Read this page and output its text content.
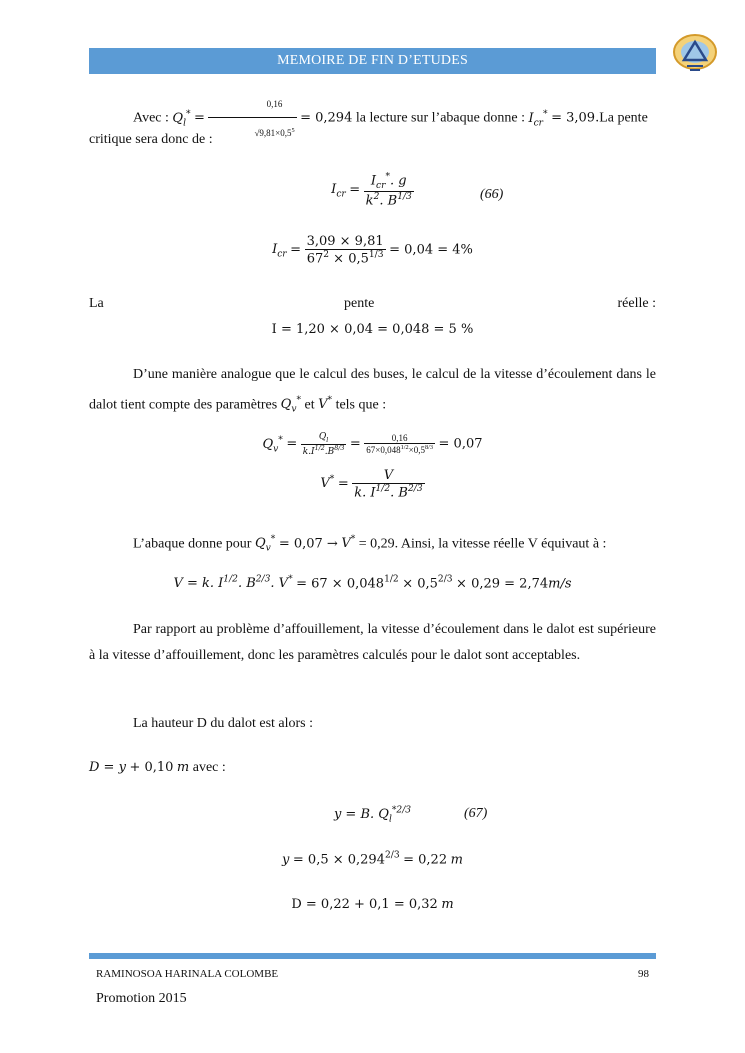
MEMOIRE DE FIN D’ETUDES
Avec : $Q_l^* = \frac{0,16}{√9,81\times 0,5^5} = 0,294$ la lecture sur l’abaque donne : $I_{cr}^* = 3,09.La$ pente
critique sera donc de :
$I_{cr} = \frac{I_{cr}^*. g}{k^2. B^{1/3}}$	(66)
$I_{cr} = \frac{3,09 \times 9,81}{67^2 \times 0,5^{1/3}} = 0,04 = 4\%$
La	pente	réelle :
I = 1,20 × 0,04 = 0,048 = 5 %
D’une manière analogue que le calcul des buses, le calcul de la vitesse d’écoulement dans le dalot tient compte des paramètres $Q_v^*$ et V* tels que :
$Q_v^* = \frac{Q_l}{k.I^{1/2}.B^{8/3}} = \frac{0,16}{67\times 0,048^{1/2}\times 0,5^{8/3}} = 0,07$
$V^* = \frac{V}{k. I^{1/2}. B^{2/3}}$
L’abaque donne pour $Q_v^* = 0,07 \to V^* = 0,29$. Ainsi, la vitesse réelle V équivaut à :
V = k. $I^{1/2}$. $B^{2/3}$. $V^* = 67 \times 0,048^{1/2} \times 0,5^{2/3} \times 0,29 = 2,74m/s$
Par rapport au problème d’affouillement, la vitesse d’écoulement dans le dalot est supérieure à la vitesse d’affouillement, donc les paramètres calculés pour le dalot sont acceptables.
La hauteur D du dalot est alors :
D = y + 0,10 m avec :
y = B. $Q_l^{*2/3}$	(67)
$y = 0,5 \times 0,294^{2/3} = 0,22$ m
D = 0,22 + 0,1 = 0,32 m
RAMINOSOA HARINALA COLOMBE	98
Promotion 2015
